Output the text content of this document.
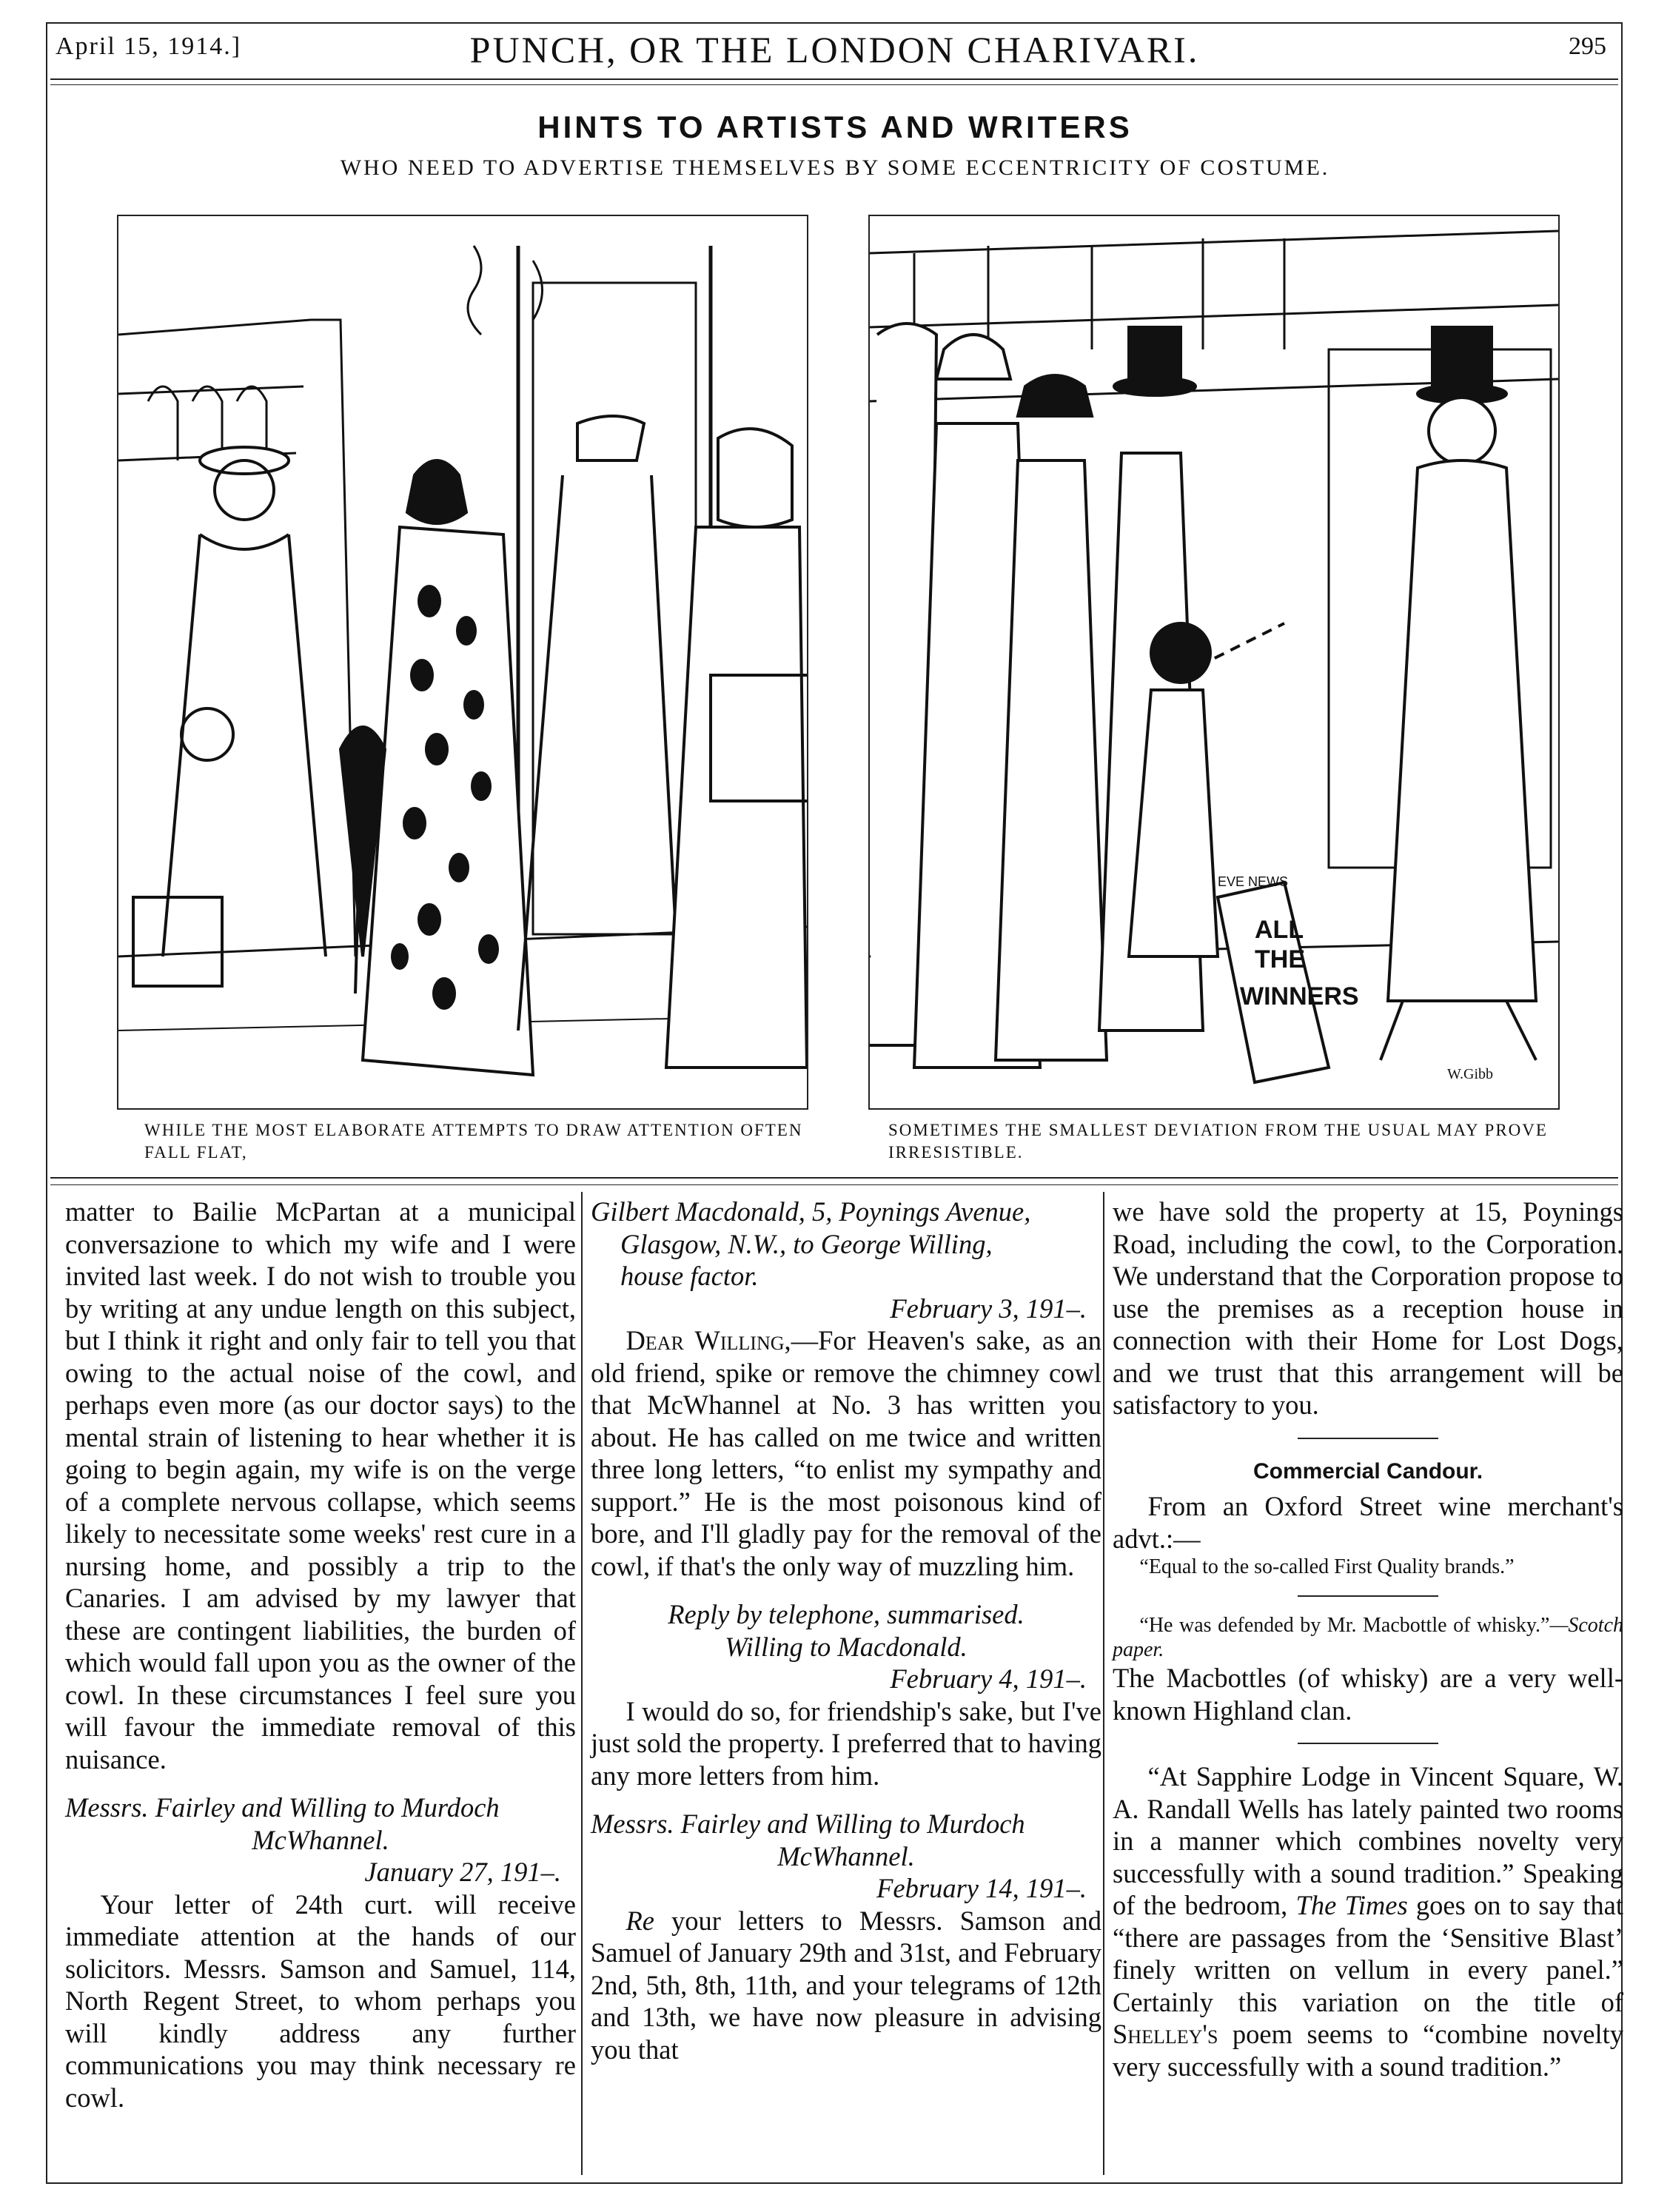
April 15, 1914.]	PUNCH, OR THE LONDON CHARIVARI.	295
HINTS TO ARTISTS AND WRITERS
WHO NEED TO ADVERTISE THEMSELVES BY SOME ECCENTRICITY OF COSTUME.
ALL
THE
WINNERS
EVE NEWS
W.Gibb
WHILE THE MOST ELABORATE ATTEMPTS TO DRAW ATTENTION OFTEN FALL FLAT,
SOMETIMES THE SMALLEST DEVIATION FROM THE USUAL MAY PROVE IRRESISTIBLE.

matter to Bailie McPartan at a municipal conversazione to which my wife and I were invited last week. I do not wish to trouble you by writing at any undue length on this subject, but I think it right and only fair to tell you that owing to the actual noise of the cowl, and perhaps even more (as our doctor says) to the mental strain of listening to hear whether it is going to begin again, my wife is on the verge of a complete nervous collapse, which seems likely to necessitate some weeks' rest cure in a nursing home, and possibly a trip to the Canaries. I am advised by my lawyer that these are contingent liabilities, the burden of which would fall upon you as the owner of the cowl. In these circumstances I feel sure you will favour the immediate removal of this nuisance.

Messrs. Fairley and Willing to Murdoch

McWhannel.

January 27, 191–.

Your letter of 24th curt. will receive immediate attention at the hands of our solicitors. Messrs. Samson and Samuel, 114, North Regent Street, to whom perhaps you will kindly address any further communications you may think necessary re cowl.

Gilbert Macdonald, 5, Poynings Avenue,

Glasgow, N.W., to George Willing,

house factor.

February 3, 191–.

Dear Willing,—For Heaven's sake, as an old friend, spike or remove the chimney cowl that McWhannel at No. 3 has written you about. He has called on me twice and written three long letters, “to enlist my sympathy and support.” He is the most poisonous kind of bore, and I'll gladly pay for the removal of the cowl, if that's the only way of muzzling him.

Reply by telephone, summarised.

Willing to Macdonald.

February 4, 191–.

I would do so, for friendship's sake, but I've just sold the property. I preferred that to having any more letters from him.

Messrs. Fairley and Willing to Murdoch

McWhannel.

February 14, 191–.

Re your letters to Messrs. Samson and Samuel of January 29th and 31st, and February 2nd, 5th, 8th, 11th, and your telegrams of 12th and 13th, we have now pleasure in advising you that

we have sold the property at 15, Poynings Road, including the cowl, to the Corporation. We understand that the Corporation propose to use the premises as a reception house in connection with their Home for Lost Dogs, and we trust that this arrangement will be satisfactory to you.

Commercial Candour.

From an Oxford Street wine merchant's advt.:—

“Equal to the so-called First Quality brands.”

“He was defended by Mr. Macbottle of whisky.”—Scotch paper.

The Macbottles (of whisky) are a very well-known Highland clan.

“At Sapphire Lodge in Vincent Square, W. A. Randall Wells has lately painted two rooms in a manner which combines novelty very successfully with a sound tradition.” Speaking of the bedroom, The Times goes on to say that “there are passages from the ‘Sensitive Blast’ finely written on vellum in every panel.” Certainly this variation on the title of Shelley's poem seems to “combine novelty very successfully with a sound tradition.”
